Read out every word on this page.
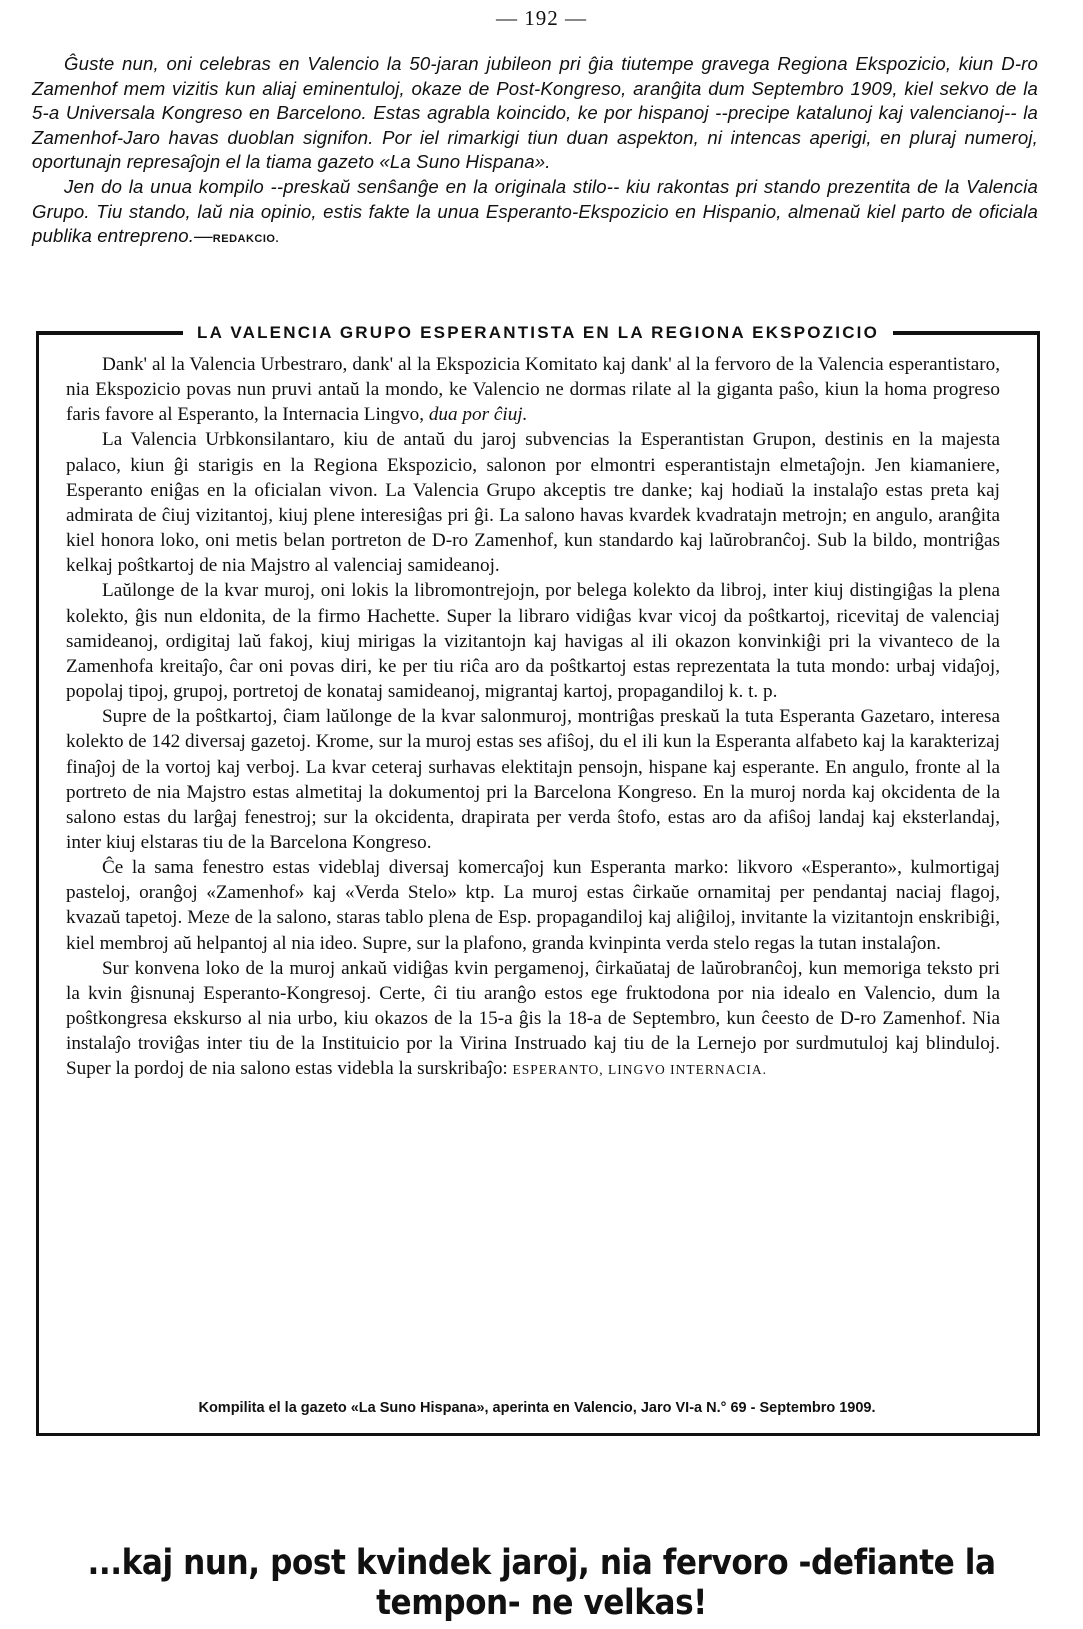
— 192 —

Ĝuste nun, oni celebras en Valencio la 50-jaran jubileon pri ĝia tiutempe gravega Regiona Ekspozicio, kiun D-ro Zamenhof mem vizitis kun aliaj eminentuloj, okaze de Post-Kongreso, aranĝita dum Septembro 1909, kiel sekvo de la 5-a Universala Kongreso en Barcelono. Estas agrabla koincido, ke por hispanoj --precipe katalunoj kaj valencianoj-- la Zamenhof-Jaro havas duoblan signifon. Por iel rimarkigi tiun duan aspekton, ni intencas aperigi, en pluraj numeroj, oportunajn represaĵojn el la tiama gazeto «La Suno Hispana».

Jen do la unua kompilo --preskaŭ senŝanĝe en la originala stilo-- kiu rakontas pri stando prezentita de la Valencia Grupo. Tiu stando, laŭ nia opinio, estis fakte la unua Esperanto-Ekspozicio en Hispanio, almenaŭ kiel parto de oficiala publika entrepreno.—REDAKCIO.

LA VALENCIA GRUPO ESPERANTISTA EN LA REGIONA EKSPOZICIO

Dank' al la Valencia Urbestraro, dank' al la Ekspozicia Komitato kaj dank' al la fervoro de la Valencia esperantistaro, nia Ekspozicio povas nun pruvi antaŭ la mondo, ke Valencio ne dormas rilate al la giganta paŝo, kiun la homa progreso faris favore al Esperanto, la Internacia Lingvo, dua por ĉiuj.

La Valencia Urbkonsilantaro, kiu de antaŭ du jaroj subvencias la Esperantistan Grupon, destinis en la majesta palaco, kiun ĝi starigis en la Regiona Ekspozicio, salonon por elmontri esperantistajn elmetaĵojn. Jen kiamaniere, Esperanto eniĝas en la oficialan vivon. La Valencia Grupo akceptis tre danke; kaj hodiaŭ la instalaĵo estas preta kaj admirata de ĉiuj vizitantoj, kiuj plene interesiĝas pri ĝi. La salono havas kvardek kvadratajn metrojn; en angulo, aranĝita kiel honora loko, oni metis belan portreton de D-ro Zamenhof, kun standardo kaj laŭrobranĉoj. Sub la bildo, montriĝas kelkaj poŝtkartoj de nia Majstro al valenciaj samideanoj.

Laŭlonge de la kvar muroj, oni lokis la libromontrejojn, por belega kolekto da libroj, inter kiuj distingiĝas la plena kolekto, ĝis nun eldonita, de la firmo Hachette. Super la libraro vidiĝas kvar vicoj da poŝtkartoj, ricevitaj de valenciaj samideanoj, ordigitaj laŭ fakoj, kiuj mirigas la vizitantojn kaj havigas al ili okazon konvinkiĝi pri la vivanteco de la Zamenhofa kreitaĵo, ĉar oni povas diri, ke per tiu riĉa aro da poŝtkartoj estas reprezentata la tuta mondo: urbaj vidaĵoj, popolaj tipoj, grupoj, portretoj de konataj samideanoj, migrantaj kartoj, propagandiloj k. t. p.

Supre de la poŝtkartoj, ĉiam laŭlonge de la kvar salonmuroj, montriĝas preskaŭ la tuta Esperanta Gazetaro, interesa kolekto de 142 diversaj gazetoj. Krome, sur la muroj estas ses afiŝoj, du el ili kun la Esperanta alfabeto kaj la karakterizaj finaĵoj de la vortoj kaj verboj. La kvar ceteraj surhavas elektitajn pensojn, hispane kaj esperante. En angulo, fronte al la portreto de nia Majstro estas almetitaj la dokumentoj pri la Barcelona Kongreso. En la muroj norda kaj okcidenta de la salono estas du larĝaj fenestroj; sur la okcidenta, drapirata per verda ŝtofo, estas aro da afiŝoj landaj kaj eksterlandaj, inter kiuj elstaras tiu de la Barcelona Kongreso.

Ĉe la sama fenestro estas videblaj diversaj komercaĵoj kun Esperanta marko: likvoro «Esperanto», kulmortigaj pasteloj, oranĝoj «Zamenhof» kaj «Verda Stelo» ktp. La muroj estas ĉirkaŭe ornamitaj per pendantaj naciaj flagoj, kvazaŭ tapetoj. Meze de la salono, staras tablo plena de Esp. propagandiloj kaj aliĝiloj, invitante la vizitantojn enskribiĝi, kiel membroj aŭ helpantoj al nia ideo. Supre, sur la plafono, granda kvinpinta verda stelo regas la tutan instalaĵon.

Sur konvena loko de la muroj ankaŭ vidiĝas kvin pergamenoj, ĉirkaŭataj de laŭrobranĉoj, kun memoriga teksto pri la kvin ĝisnunaj Esperanto-Kongresoj. Certe, ĉi tiu aranĝo estos ege fruktodona por nia idealo en Valencio, dum la poŝtkongresa ekskurso al nia urbo, kiu okazos de la 15-a ĝis la 18-a de Septembro, kun ĉeesto de D-ro Zamenhof. Nia instalaĵo troviĝas inter tiu de la Instituicio por la Virina Instruado kaj tiu de la Lernejo por surdmutuloj kaj blinduloj. Super la pordoj de nia salono estas videbla la surskribaĵo: ESPERANTO, LINGVO INTERNACIA.

Kompilita el la gazeto «La Suno Hispana», aperinta en Valencio, Jaro VI-a N.° 69 - Septembro 1909.
...kaj nun, post kvindek jaroj, nia fervoro -defiante la tempon- ne velkas!
